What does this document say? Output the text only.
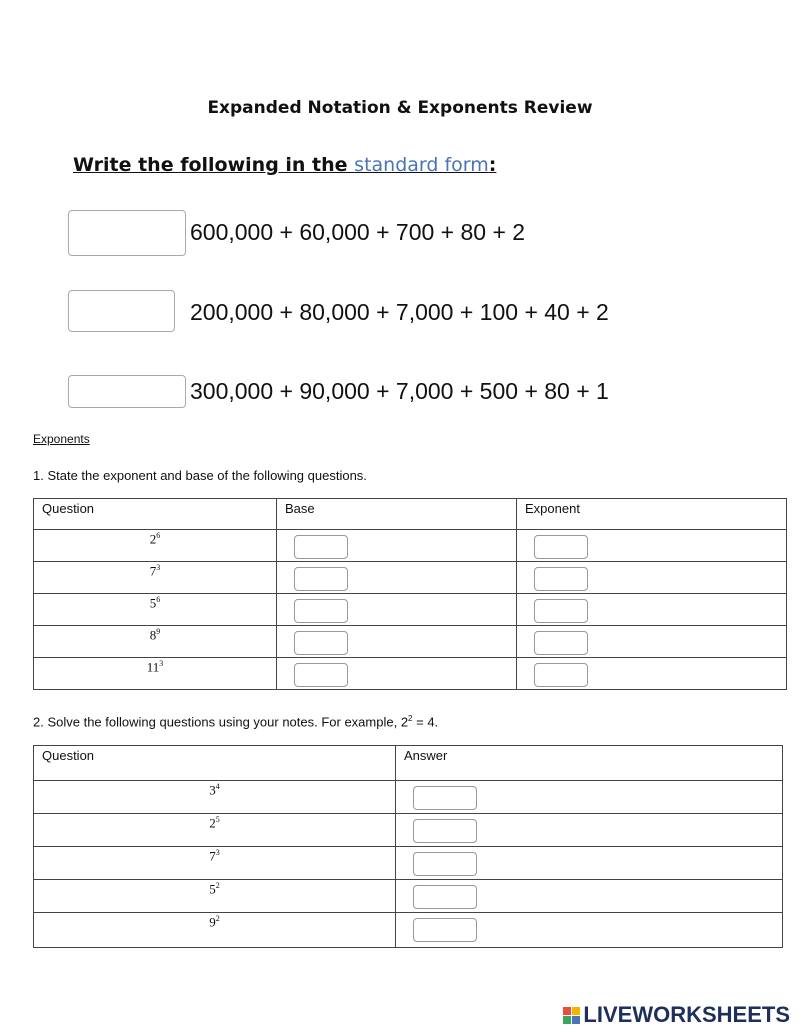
Expanded Notation & Exponents Review
Write the following in the standard form:
600,000 + 60,000 + 700 + 80 + 2
200,000 + 80,000 + 7,000 + 100 + 40 + 2
300,000 + 90,000 + 7,000 + 500 + 80 + 1
Exponents
1. State the exponent and base of the following questions.
Question	Base	Exponent
$2^6$	

$7^3$	

$5^6$	

$8^9$	

$11^3$	

2. Solve the following questions using your notes. For example, $2^2 = 4$.
Question	Answer
$3^4$	

$2^5$	

$7^3$	

$5^2$	

$9^2$	
LIVEWORKSHEETS
